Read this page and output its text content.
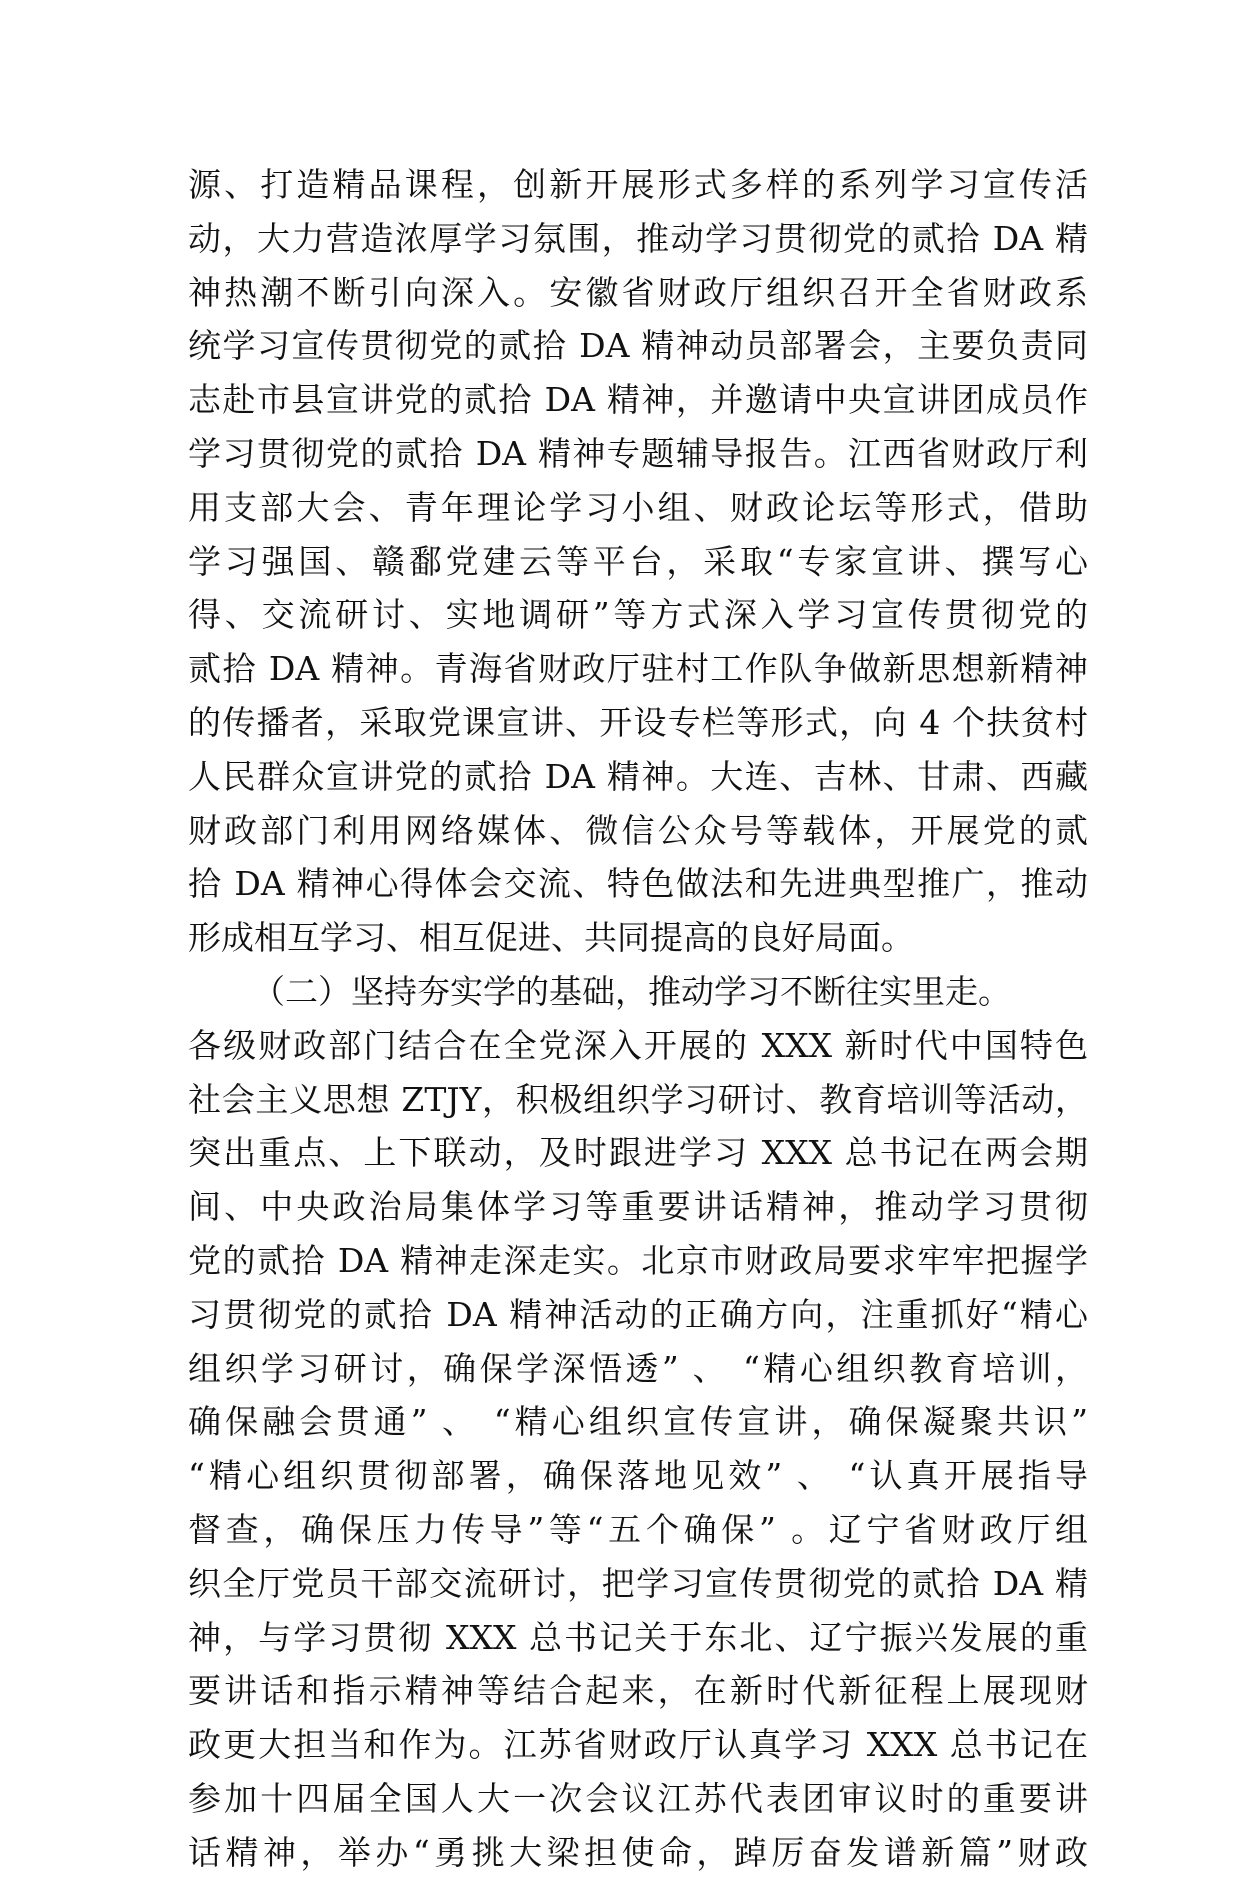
源、打造精品课程，创新开展形式多样的系列学习宣传活
动，大力营造浓厚学习氛围，推动学习贯彻党的贰拾 DA 精
神热潮不断引向深入。安徽省财政厅组织召开全省财政系
统学习宣传贯彻党的贰拾 DA 精神动员部署会，主要负责同
志赴市县宣讲党的贰拾 DA 精神，并邀请中央宣讲团成员作
学习贯彻党的贰拾 DA 精神专题辅导报告。江西省财政厅利
用支部大会、青年理论学习小组、财政论坛等形式，借助
学习强国、赣鄱党建云等平台，采取“专家宣讲、撰写心
得、交流研讨、实地调研”等方式深入学习宣传贯彻党的
贰拾 DA 精神。青海省财政厅驻村工作队争做新思想新精神
的传播者，采取党课宣讲、开设专栏等形式，向 4 个扶贫村
人民群众宣讲党的贰拾 DA 精神。大连、吉林、甘肃、西藏
财政部门利用网络媒体、微信公众号等载体，开展党的贰
拾 DA 精神心得体会交流、特色做法和先进典型推广，推动
形成相互学习、相互促进、共同提高的良好局面。
（二）坚持夯实学的基础，推动学习不断往实里走。
各级财政部门结合在全党深入开展的 XXX 新时代中国特色
社会主义思想 ZTJY，积极组织学习研讨、教育培训等活动，
突出重点、上下联动，及时跟进学习 XXX 总书记在两会期
间、中央政治局集体学习等重要讲话精神，推动学习贯彻
党的贰拾 DA 精神走深走实。北京市财政局要求牢牢把握学
习贯彻党的贰拾 DA 精神活动的正确方向，注重抓好“精心
组织学习研讨，确保学深悟透” 、 “精心组织教育培训，
确保融会贯通” 、 “精心组织宣传宣讲，确保凝聚共识”
“精心组织贯彻部署，确保落地见效” 、 “认真开展指导
督查，确保压力传导”等“五个确保” 。辽宁省财政厅组
织全厅党员干部交流研讨，把学习宣传贯彻党的贰拾 DA 精
神，与学习贯彻 XXX 总书记关于东北、辽宁振兴发展的重
要讲话和指示精神等结合起来，在新时代新征程上展现财
政更大担当和作为。江苏省财政厅认真学习 XXX 总书记在
参加十四届全国人大一次会议江苏代表团审议时的重要讲
话精神，举办“勇挑大梁担使命，踔厉奋发谱新篇”财政
